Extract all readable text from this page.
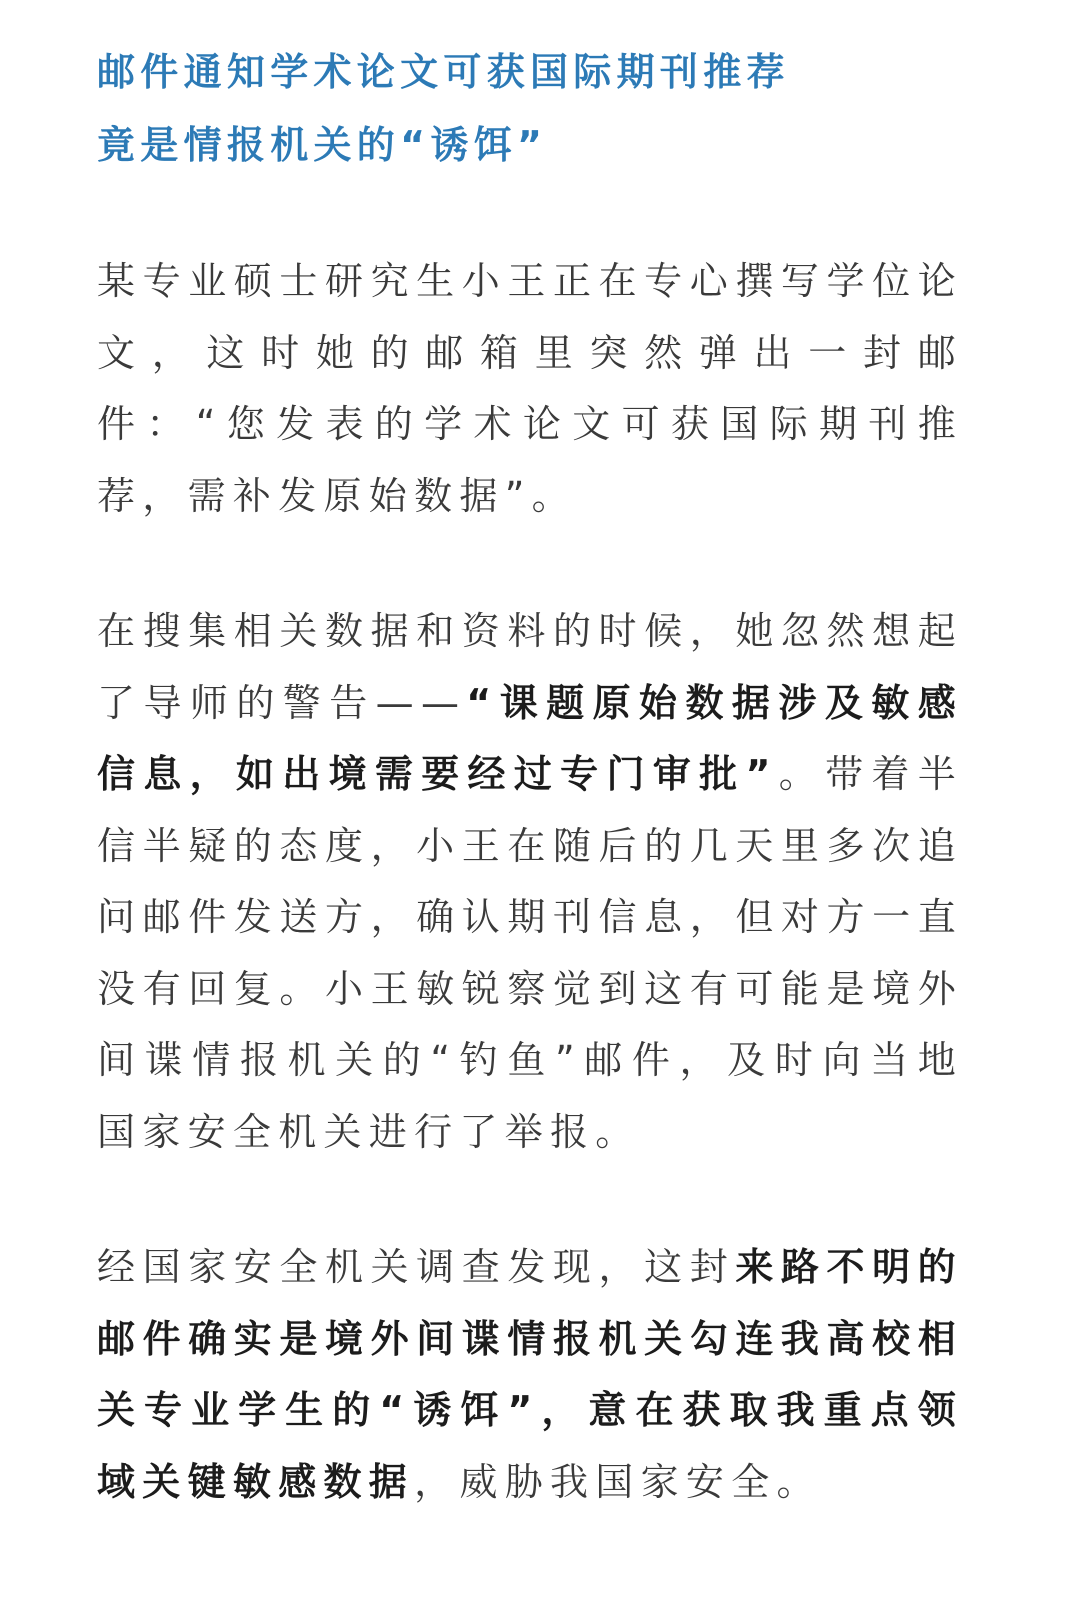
邮件通知学术论文可获国际期刊推荐
竟是情报机关的“诱饵”

某专业硕士研究生小王正在专心撰写学位论文，这时她的邮箱里突然弹出一封邮件：“您发表的学术论文可获国际期刊推荐，需补发原始数据”。

在搜集相关数据和资料的时候，她忽然想起了导师的警告——“课题原始数据涉及敏感信息，如出境需要经过专门审批”。带着半信半疑的态度，小王在随后的几天里多次追问邮件发送方，确认期刊信息，但对方一直没有回复。小王敏锐察觉到这有可能是境外间谍情报机关的“钓鱼”邮件，及时向当地国家安全机关进行了举报。

经国家安全机关调查发现，这封来路不明的邮件确实是境外间谍情报机关勾连我高校相关专业学生的“诱饵”，意在获取我重点领域关键敏感数据，威胁我国家安全。
